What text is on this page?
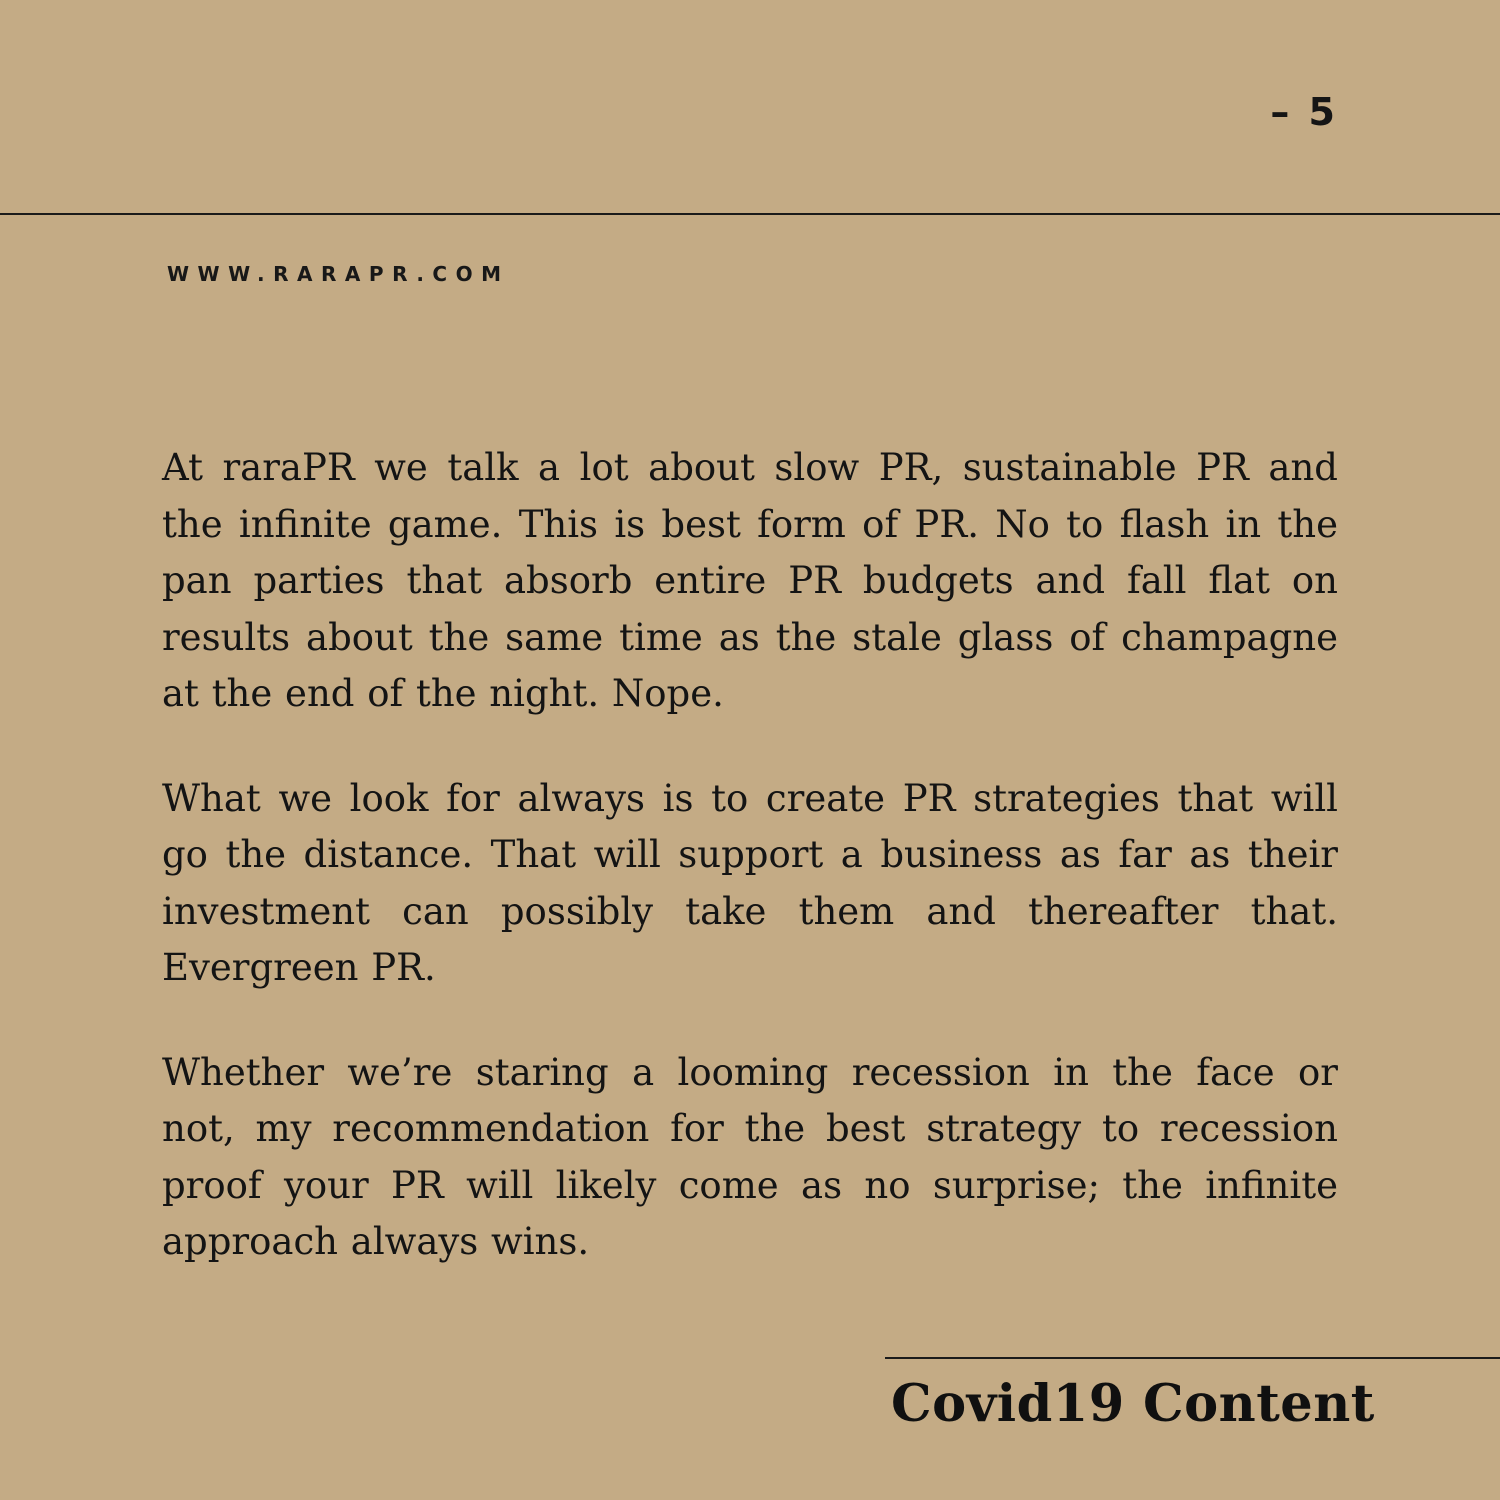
– 5
WWW.RARAPR.COM
At raraPR we talk a lot about slow PR, sustainable PR and
the infinite game. This is best form of PR. No to flash in the
pan parties that absorb entire PR budgets and fall flat on
results about the same time as the stale glass of champagne
at the end of the night. Nope.
What we look for always is to create PR strategies that will
go the distance. That will support a business as far as their
investment can possibly take them and thereafter that.
Evergreen PR.
Whether we’re staring a looming recession in the face or
not, my recommendation for the best strategy to recession
proof your PR will likely come as no surprise; the infinite
approach always wins.
Covid19 Content
